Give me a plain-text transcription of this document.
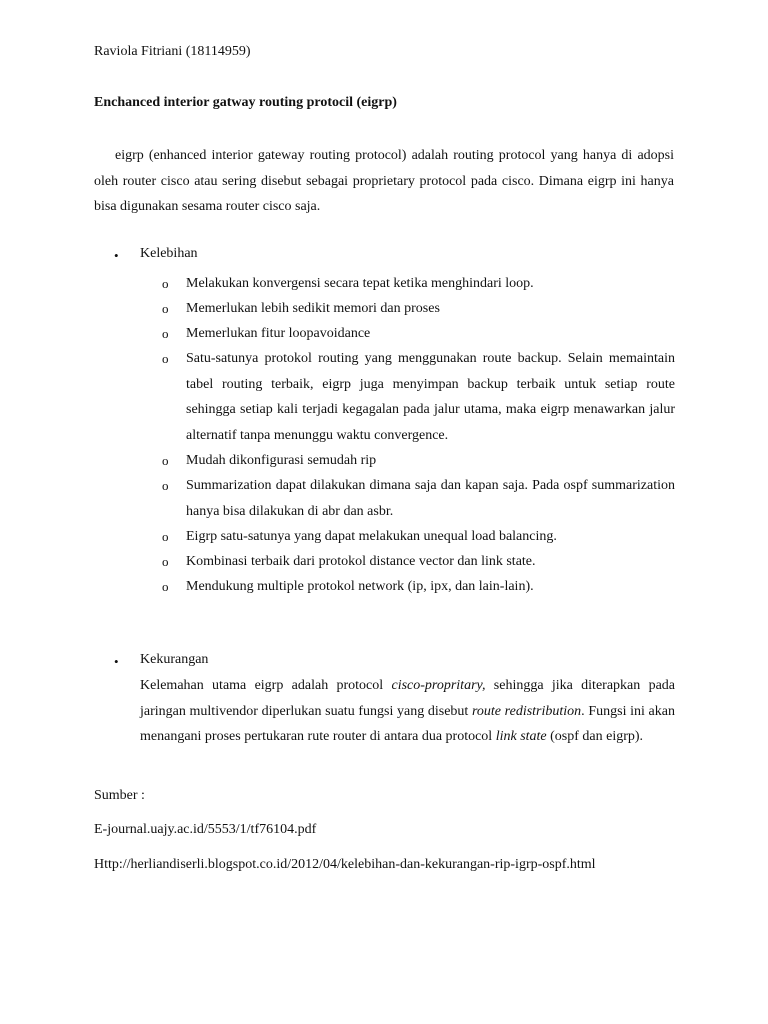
Raviola Fitriani (18114959)
Enchanced interior gatway routing protocil (eigrp)

eigrp (enhanced interior gateway routing protocol) adalah routing protocol yang hanya di adopsi oleh router cisco atau sering disebut sebagai proprietary protocol pada cisco. Dimana eigrp ini hanya bisa digunakan sesama router cisco saja.

• Kelebihan
o Melakukan konvergensi secara tepat ketika menghindari loop.
o Memerlukan lebih sedikit memori dan proses
o Memerlukan fitur loopavoidance
o Satu-satunya protokol routing yang menggunakan route backup. Selain memaintain tabel routing terbaik, eigrp juga menyimpan backup terbaik untuk setiap route sehingga setiap kali terjadi kegagalan pada jalur utama, maka eigrp menawarkan jalur alternatif tanpa menunggu waktu convergence.
o Mudah dikonfigurasi semudah rip
o Summarization dapat dilakukan dimana saja dan kapan saja. Pada ospf summarization hanya bisa dilakukan di abr dan asbr.
o Eigrp satu-satunya yang dapat melakukan unequal load balancing.
o Kombinasi terbaik dari protokol distance vector dan link state.
o Mendukung multiple protokol network (ip, ipx, dan lain-lain).
• Kekurangan

Kelemahan utama eigrp adalah protocol cisco-propritary, sehingga jika diterapkan pada jaringan multivendor diperlukan suatu fungsi yang disebut route redistribution. Fungsi ini akan menangani proses pertukaran rute router di antara dua protocol link state (ospf dan eigrp).

Sumber :
E-journal.uajy.ac.id/5553/1/tf76104.pdf
Http://herliandiserli.blogspot.co.id/2012/04/kelebihan-dan-kekurangan-rip-igrp-ospf.html
